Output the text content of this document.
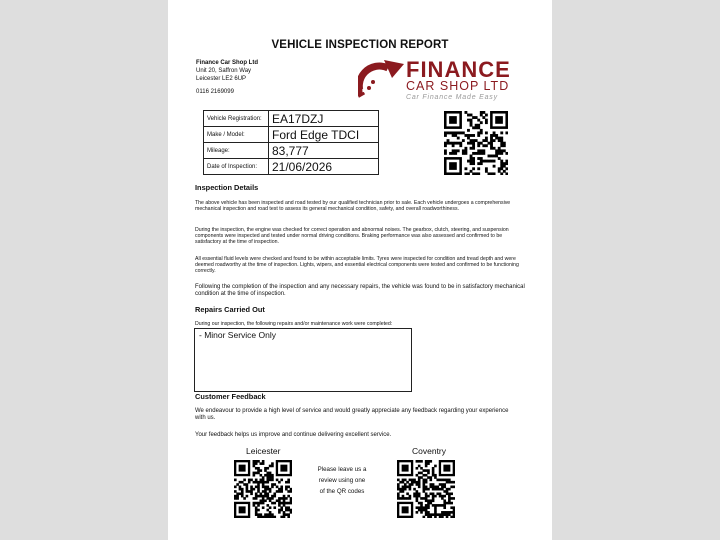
VEHICLE INSPECTION REPORT
Finance Car Shop Ltd
Unit 20, Saffron Way
Leicester LE2 6UP
0116 2169099
FINANCE
CAR SHOP LTD
Car Finance Made Easy
Vehicle Registration:	EA17DZJ
Make / Model:	Ford Edge TDCI
Mileage:	83,777
Date of Inspection:	21/06/2026
Inspection Details
The above vehicle has been inspected and road tested by our qualified technician prior to sale. Each vehicle undergoes a comprehensive mechanical inspection and road test to assess its general mechanical condition, safety, and overall roadworthiness.
During the inspection, the engine was checked for correct operation and abnormal noises. The gearbox, clutch, steering, and suspension components were inspected and tested under normal driving conditions. Braking performance was also assessed and confirmed to be satisfactory at the time of inspection.
All essential fluid levels were checked and found to be within acceptable limits. Tyres were inspected for condition and tread depth and were deemed roadworthy at the time of inspection. Lights, wipers, and essential electrical components were tested and confirmed to be functioning correctly.
Following the completion of the inspection and any necessary repairs, the vehicle was found to be in satisfactory mechanical condition at the time of inspection.
Repairs Carried Out
During our inspection, the following repairs and/or maintenance work were completed:
- Minor Service Only
Customer Feedback
We endeavour to provide a high level of service and would greatly appreciate any feedback regarding your experience with us.
Your feedback helps us improve and continue delivering excellent service.
Leicester	Coventry
Please leave us a
review using one
of the QR codes
